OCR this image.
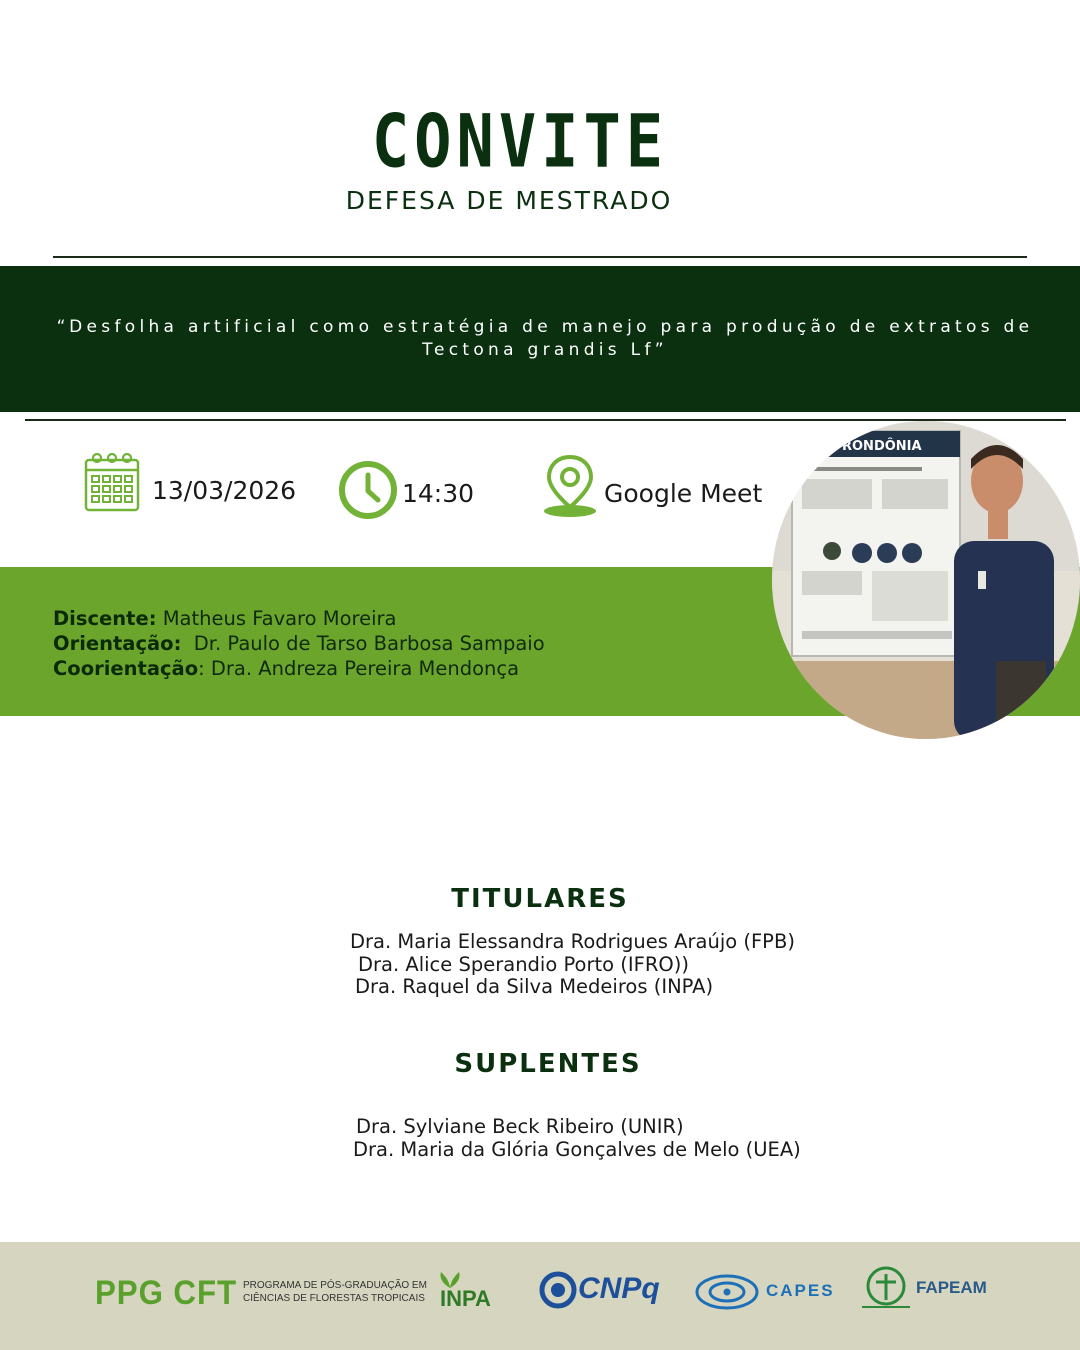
CONVITE
DEFESA DE MESTRADO
“Desfolha artificial como estratégia de manejo para produção de extratos de
Tectona grandis Lf”
13/03/2026	14:30	Google Meet
Discente: Matheus Favaro Moreira
Orientação: Dr. Paulo de Tarso Barbosa Sampaio
Coorientação: Dra. Andreza Pereira Mendonça
RONDÔNIA
TITULARES
Dra. Maria Elessandra Rodrigues Araújo (FPB)
Dra. Alice Sperandio Porto (IFRO))
Dra. Raquel da Silva Medeiros (INPA)
SUPLENTES
Dra. Sylviane Beck Ribeiro (UNIR)
Dra. Maria da Glória Gonçalves de Melo (UEA)
PPG CFT PROGRAMA DE PÓS-GRADUAÇÃO EM
CIÊNCIAS DE FLORESTAS TROPICAIS INPA	CNPq	CAPES	FAPEAM
